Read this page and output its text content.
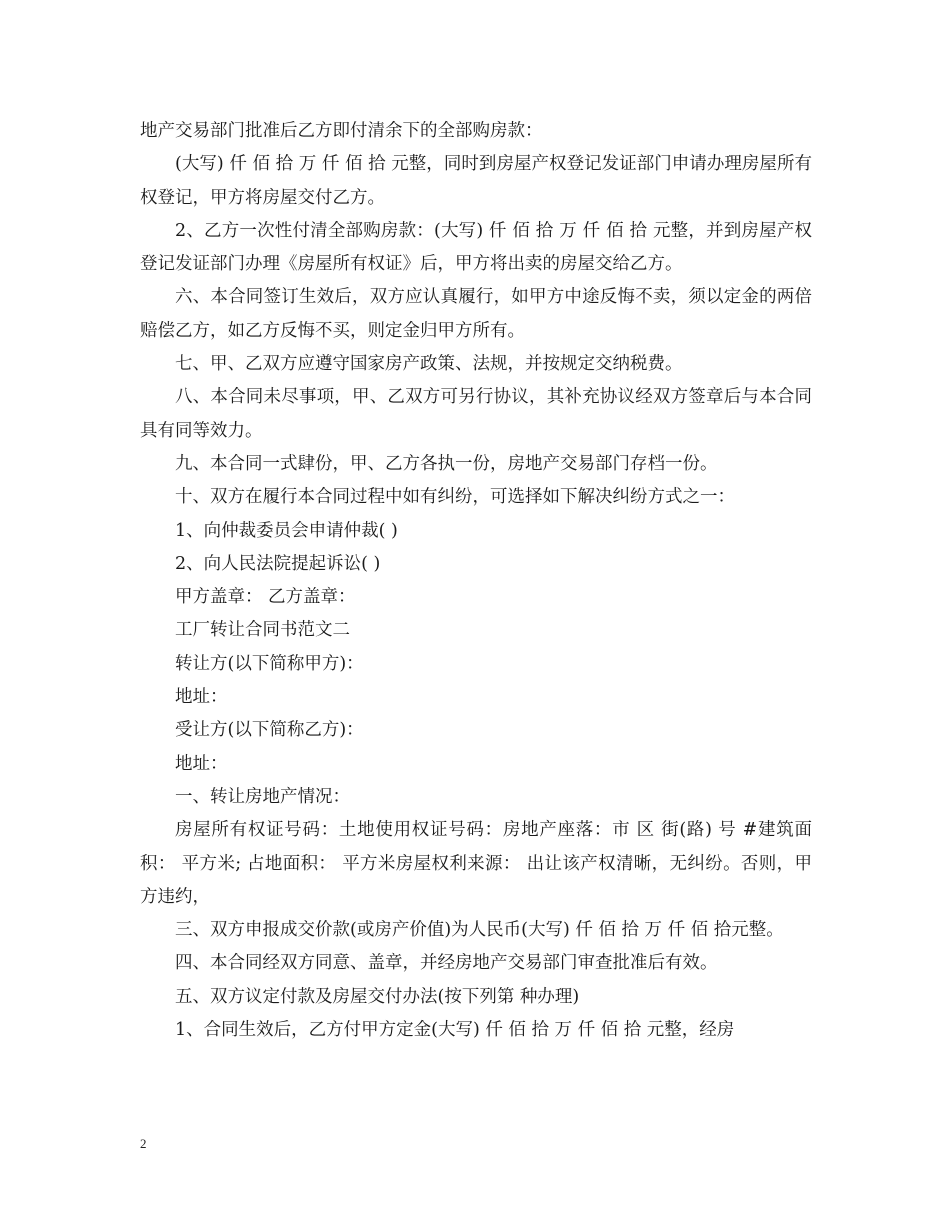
地产交易部门批准后乙方即付清余下的全部购房款：

(大写) 仟 佰 拾 万 仟 佰 拾 元整，同时到房屋产权登记发证部门申请办理房屋所有权登记，甲方将房屋交付乙方。

2、乙方一次性付清全部购房款：(大写) 仟 佰 拾 万 仟 佰 拾 元整，并到房屋产权登记发证部门办理《房屋所有权证》后，甲方将出卖的房屋交给乙方。

六、本合同签订生效后，双方应认真履行，如甲方中途反悔不卖，须以定金的两倍赔偿乙方，如乙方反悔不买，则定金归甲方所有。

七、甲、乙双方应遵守国家房产政策、法规，并按规定交纳税费。

八、本合同未尽事项，甲、乙双方可另行协议，其补充协议经双方签章后与本合同具有同等效力。

九、本合同一式肆份，甲、乙方各执一份，房地产交易部门存档一份。

十、双方在履行本合同过程中如有纠纷，可选择如下解决纠纷方式之一：

1、向仲裁委员会申请仲裁( )

2、向人民法院提起诉讼( )

甲方盖章： 乙方盖章：

工厂转让合同书范文二

转让方(以下简称甲方)：

地址：

受让方(以下简称乙方)：

地址：

一、转让房地产情况：

房屋所有权证号码：土地使用权证号码：房地产座落：市 区 街(路) 号 #建筑面积： 平方米; 占地面积： 平方米房屋权利来源： 出让该产权清晰，无纠纷。否则，甲方违约，

三、双方申报成交价款(或房产价值)为人民币(大写) 仟 佰 拾 万 仟 佰 拾元整。

四、本合同经双方同意、盖章，并经房地产交易部门审查批准后有效。

五、双方议定付款及房屋交付办法(按下列第 种办理)

1、合同生效后，乙方付甲方定金(大写) 仟 佰 拾 万 仟 佰 拾 元整，经房

2
